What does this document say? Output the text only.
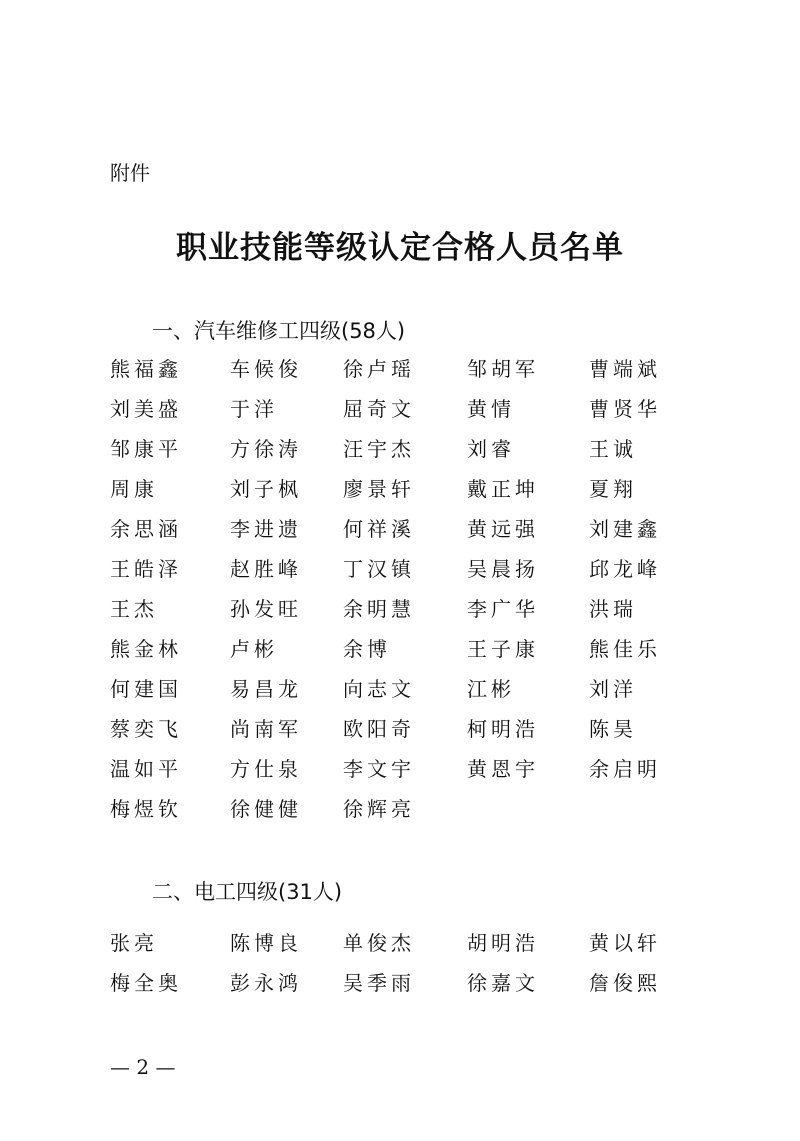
附件
职业技能等级认定合格人员名单
一、汽车维修工四级(58人)
熊福鑫	车候俊	徐卢瑶	邹胡军	曹端斌
刘美盛	于洋	屈奇文	黄情	曹贤华
邹康平	方徐涛	汪宇杰	刘睿	王诚
周康	刘子枫	廖景轩	戴正坤	夏翔
余思涵	李进遗	何祥溪	黄远强	刘建鑫
王皓泽	赵胜峰	丁汉镇	吴晨扬	邱龙峰
王杰	孙发旺	余明慧	李广华	洪瑞
熊金林	卢彬	余博	王子康	熊佳乐
何建国	易昌龙	向志文	江彬	刘洋
蔡奕飞	尚南军	欧阳奇	柯明浩	陈昊
温如平	方仕泉	李文宇	黄恩宇	余启明
梅煜钦	徐健健	徐辉亮
二、电工四级(31人)
张亮	陈博良	单俊杰	胡明浩	黄以轩
梅全奥	彭永鸿	吴季雨	徐嘉文	詹俊熙
— 2 —
